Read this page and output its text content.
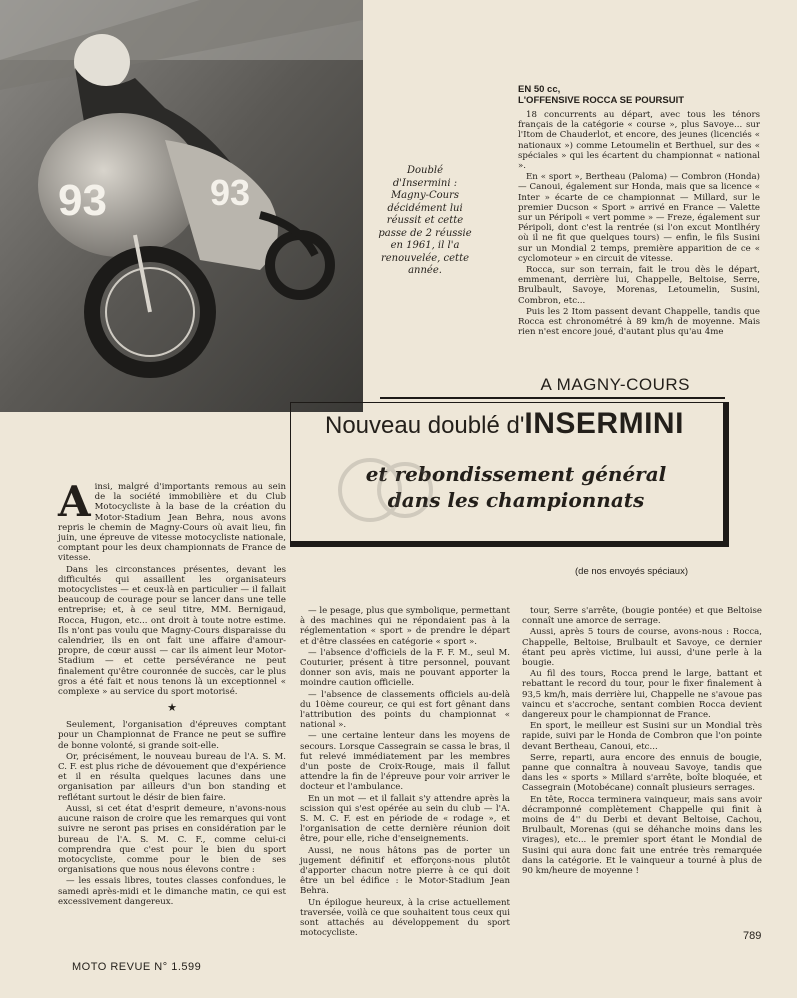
93	93
Doublé d'Insermini : Magny-Cours décidément lui réussit et cette passe de 2 réussie en 1961, il l'a renouvelée, cette année.
EN 50 cc,
L'OFFENSIVE ROCCA SE POURSUIT

18 concurrents au départ, avec tous les ténors français de la catégorie « course », plus Savoye... sur l'Itom de Chauderlot, et encore, des jeunes (licenciés « nationaux ») comme Letoumelin et Berthuel, sur des « spéciales » qui les écartent du championnat « national ».

En « sport », Bertheau (Paloma) — Combron (Honda) — Canoui, également sur Honda, mais que sa licence « Inter » écarte de ce championnat — Millard, sur le premier Ducson « Sport » arrivé en France — Valette sur un Péripoli « vert pomme » — Freze, également sur Péripoli, dont c'est la rentrée (si l'on excut Montlhéry où il ne fit que quelques tours) — enfin, le fils Susini sur un Mondial 2 temps, première apparition de ce « cyclomoteur » en circuit de vitesse.

Rocca, sur son terrain, fait le trou dès le départ, emmenant, derrière lui, Chappelle, Beltoise, Serre, Brulbault, Savoye, Morenas, Letoumelin, Susini, Combron, etc...

Puis les 2 Itom passent devant Chappelle, tandis que Rocca est chronométré à 89 km/h de moyenne. Mais rien n'est encore joué, d'autant plus qu'au 4me

A MAGNY-COURS
Nouveau doublé d'INSERMINI
et rebondissement général
dans les championnats
(de nos envoyés spéciaux)
A insi, malgré d'importants remous au sein de la société immobilière et du Club Motocycliste à la base de la création du Motor-Stadium Jean Behra, nous avons repris le chemin de Magny-Cours où avait lieu, fin juin, une épreuve de vitesse motocycliste nationale, comptant pour les deux championnats de France de vitesse.

Dans les circonstances présentes, devant les difficultés qui assaillent les organisateurs motocyclistes — et ceux-là en particulier — il fallait beaucoup de courage pour se lancer dans une telle entreprise; et, à ce seul titre, MM. Bernigaud, Rocca, Hugon, etc... ont droit à toute notre estime. Ils n'ont pas voulu que Magny-Cours disparaisse du calendrier, ils en ont fait une affaire d'amour-propre, de cœur aussi — car ils aiment leur Motor-Stadium — et cette persévérance ne peut finalement qu'être couronnée de succès, car le plus gros a été fait et nous tenons là un exceptionnel « complexe » au service du sport motorisé.

★

Seulement, l'organisation d'épreuves comptant pour un Championnat de France ne peut se suffire de bonne volonté, si grande soit-elle.

Or, précisément, le nouveau bureau de l'A. S. M. C. F. est plus riche de dévouement que d'expérience et il en résulta quelques lacunes dans une organisation par ailleurs d'un bon standing et reflétant surtout le désir de bien faire.

Aussi, si cet état d'esprit demeure, n'avons-nous aucune raison de croire que les remarques qui vont suivre ne seront pas prises en considération par le bureau de l'A. S. M. C. F., comme celui-ci comprendra que c'est pour le bien du sport motocycliste, comme pour le bien de ses organisations que nous nous élevons contre :

— les essais libres, toutes classes confondues, le samedi après-midi et le dimanche matin, ce qui est excessivement dangereux.

— le pesage, plus que symbolique, permettant à des machines qui ne répondaient pas à la réglementation « sport » de prendre le départ et d'être classées en catégorie « sport ».

— l'absence d'officiels de la F. F. M., seul M. Couturier, présent à titre personnel, pouvant donner son avis, mais ne pouvant apporter la moindre caution officielle.

— l'absence de classements officiels au-delà du 10ème coureur, ce qui est fort gênant dans l'attribution des points du championnat « national ».

— une certaine lenteur dans les moyens de secours. Lorsque Cassegrain se cassa le bras, il fut relevé immédiatement par les membres d'un poste de Croix-Rouge, mais il fallut attendre la fin de l'épreuve pour voir arriver le docteur et l'ambulance.

En un mot — et il fallait s'y attendre après la scission qui s'est opérée au sein du club — l'A. S. M. C. F. est en période de « rodage », et l'organisation de cette dernière réunion doit être, pour elle, riche d'enseignements.

Aussi, ne nous hâtons pas de porter un jugement définitif et efforçons-nous plutôt d'apporter chacun notre pierre à ce qui doit être un bel édifice : le Motor-Stadium Jean Behra.

Un épilogue heureux, à la crise actuellement traversée, voilà ce que souhaitent tous ceux qui sont attachés au développement du sport motocycliste.

tour, Serre s'arrête, (bougie pontée) et que Beltoise connaît une amorce de serrage.

Aussi, après 5 tours de course, avons-nous : Rocca, Chappelle, Beltoise, Brulbault et Savoye, ce dernier étant peu après victime, lui aussi, d'une perle à la bougie.

Au fil des tours, Rocca prend le large, battant et rebattant le record du tour, pour le fixer finalement à 93,5 km/h, mais derrière lui, Chappelle ne s'avoue pas vaincu et s'accroche, sentant combien Rocca devient dangereux pour le championnat de France.

En sport, le meilleur est Susini sur un Mondial très rapide, suivi par le Honda de Combron que l'on pointe devant Bertheau, Canoui, etc...

Serre, reparti, aura encore des ennuis de bougie, panne que connaîtra à nouveau Savoye, tandis que dans les « sports » Millard s'arrête, boîte bloquée, et Cassegrain (Motobécane) connaît plusieurs serrages.

En tête, Rocca terminera vainqueur, mais sans avoir décramponné complètement Chappelle qui finit à moins de 4'' du Derbi et devant Beltoise, Cachou, Brulbault, Morenas (qui se déhanche moins dans les virages), etc... le premier sport étant le Mondial de Susini qui aura donc fait une entrée très remarquée dans la catégorie. Et le vainqueur a tourné à plus de 90 km/heure de moyenne !

MOTO REVUE N° 1.599
789
